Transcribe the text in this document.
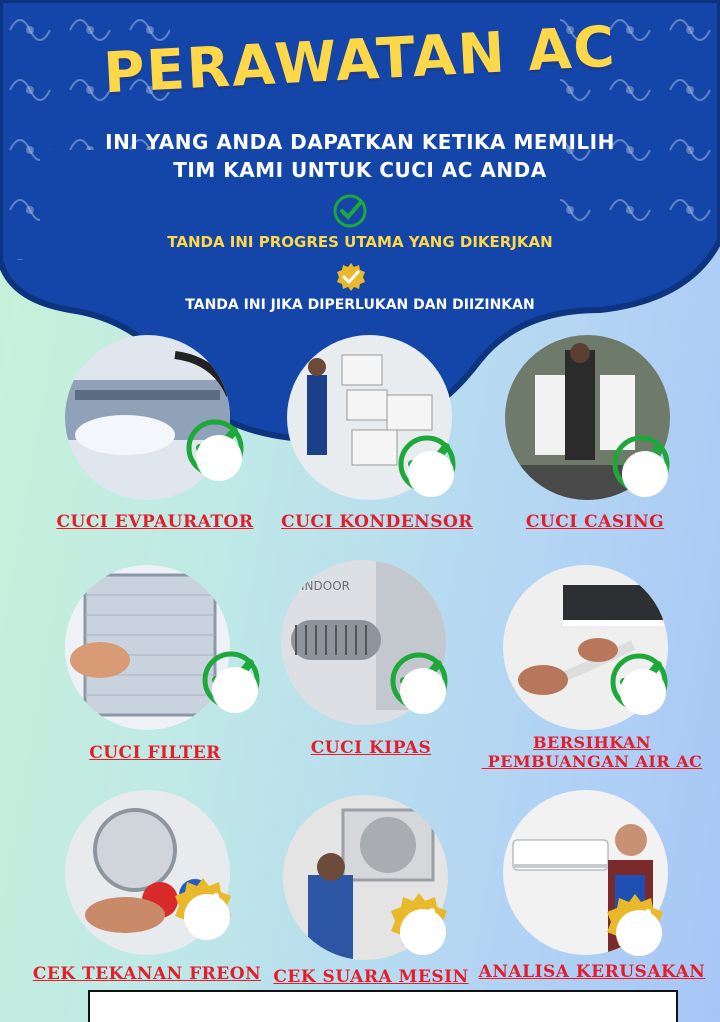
PERAWATAN AC
INI YANG ANDA DAPATKAN KETIKA MEMILIH
TIM KAMI UNTUK CUCI AC ANDA
TANDA INI PROGRES UTAMA YANG DIKERJKAN
TANDA INI JIKA DIPERLUKAN DAN DIIZINKAN
CUCI EVPAURATOR	CUCI KONDENSOR	CUCI CASING
CUCI FILTER
INDOOR
CUCI KIPAS	BERSIHKAN
PEMBUANGAN AIR AC
CEK TEKANAN FREON CEK SUARA MESIN ANALISA KERUSAKAN
